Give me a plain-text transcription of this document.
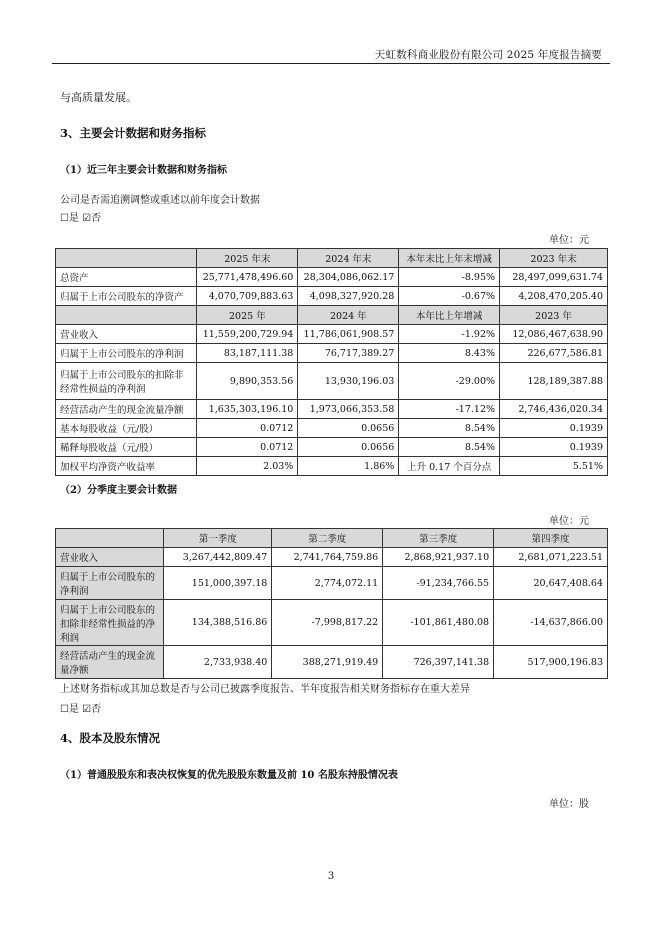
天虹数科商业股份有限公司 2025 年度报告摘要
与高质量发展。
3、主要会计数据和财务指标
（1）近三年主要会计数据和财务指标
公司是否需追溯调整或重述以前年度会计数据
☐是 ☑否
单位：元
	2025 年末	2024 年末	本年末比上年末增减	2023 年末
总资产	25,771,478,496.60	28,304,086,062.17	-8.95%	28,497,099,631.74
归属于上市公司股东的净资产	4,070,709,883.63	4,098,327,920.28	-0.67%	4,208,470,205.40
	2025 年	2024 年	本年比上年增减	2023 年
营业收入	11,559,200,729.94	11,786,061,908.57	-1.92%	12,086,467,638.90
归属于上市公司股东的净利润	83,187,111.38	76,717,389.27	8.43%	226,677,586.81
归属于上市公司股东的扣除非经常性损益的净利润	9,890,353.56	13,930,196.03	-29.00%	128,189,387.88
经营活动产生的现金流量净额	1,635,303,196.10	1,973,066,353.58	-17.12%	2,746,436,020.34
基本每股收益（元/股）	0.0712	0.0656	8.54%	0.1939
稀释每股收益（元/股）	0.0712	0.0656	8.54%	0.1939
加权平均净资产收益率	2.03%	1.86%	上升 0.17 个百分点	5.51%
（2）分季度主要会计数据
单位：元
	第一季度	第二季度	第三季度	第四季度
营业收入	3,267,442,809.47	2,741,764,759.86	2,868,921,937.10	2,681,071,223.51
归属于上市公司股东的净利润	151,000,397.18	2,774,072.11	-91,234,766.55	20,647,408.64
归属于上市公司股东的扣除非经常性损益的净利润	134,388,516.86	-7,998,817.22	-101,861,480.08	-14,637,866.00
经营活动产生的现金流量净额	2,733,938.40	388,271,919.49	726,397,141.38	517,900,196.83
上述财务指标或其加总数是否与公司已披露季度报告、半年度报告相关财务指标存在重大差异
☐是 ☑否
4、股本及股东情况
（1）普通股股东和表决权恢复的优先股股东数量及前 10 名股东持股情况表
单位：股
3
